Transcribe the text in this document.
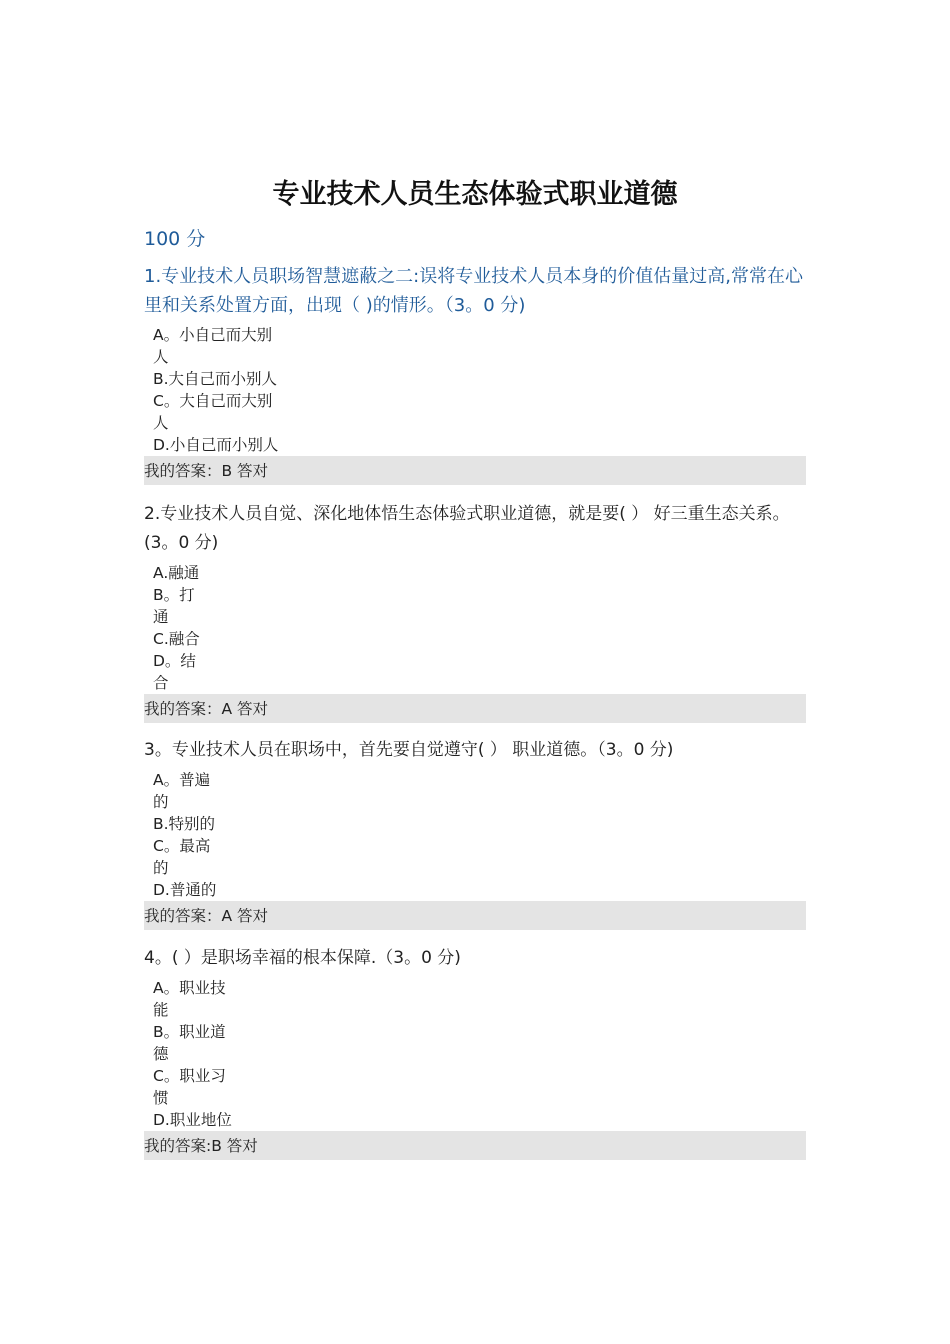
专业技术人员生态体验式职业道德
100 分

1.专业技术人员职场智慧遮蔽之二:误将专业技术人员本身的价值估量过高,常常在心里和关系处置方面，出现（ )的情形。（3。0 分)

A。小自己而大别人
B.大自己而小别人
C。大自己而大别人
D.小自己而小别人
我的答案：B 答对

2.专业技术人员自觉、深化地体悟生态体验式职业道德，就是要( ） 好三重生态关系。(3。0 分)

A.融通
B。打通
C.融合
D。结合
我的答案：A 答对

3。专业技术人员在职场中，首先要自觉遵守( ） 职业道德。（3。0 分)

A。普遍的
B.特别的
C。最高的
D.普通的
我的答案：A 答对

4。( ）是职场幸福的根本保障.（3。0 分)

A。职业技能
B。职业道德
C。职业习惯
D.职业地位
我的答案:B 答对
